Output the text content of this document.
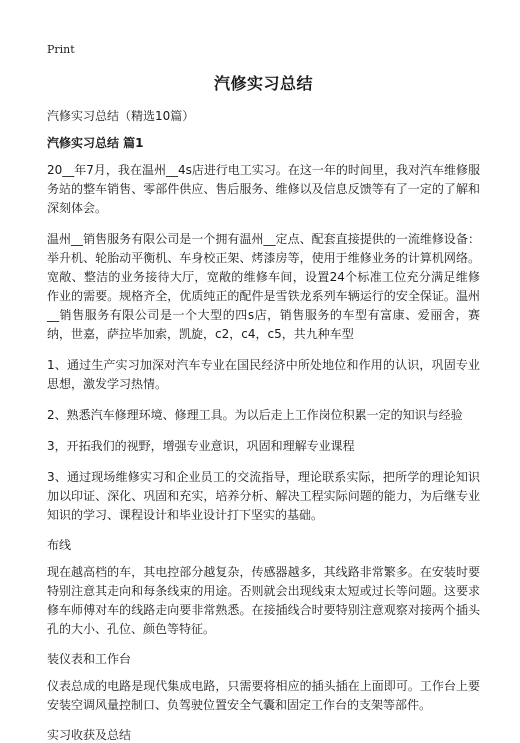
Print
汽修实习总结
汽修实习总结（精选10篇）
汽修实习总结 篇1

20__年7月，我在温州__4s店进行电工实习。在这一年的时间里，我对汽车维修服务站的整车销售、零部件供应、售后服务、维修以及信息反馈等有了一定的了解和深刻体会。

温州__销售服务有限公司是一个拥有温州__定点、配套直接提供的一流维修设备：举升机、轮胎动平衡机、车身校正架、烤漆房等，使用于维修业务的计算机网络。宽敞、整洁的业务接待大厅，宽敞的维修车间，设置24个标准工位充分满足维修作业的需要。规格齐全，优质纯正的配件是雪铁龙系列车辆运行的安全保证。温州__销售服务有限公司是一个大型的四s店，销售服务的车型有富康、爱丽舍，赛纳，世嘉，萨拉毕加索，凯旋，c2，c4，c5，共九种车型

1、通过生产实习加深对汽车专业在国民经济中所处地位和作用的认识，巩固专业思想，激发学习热情。

2、熟悉汽车修理环境、修理工具。为以后走上工作岗位积累一定的知识与经验

3，开拓我们的视野，增强专业意识，巩固和理解专业课程

3、通过现场维修实习和企业员工的交流指导，理论联系实际，把所学的理论知识加以印证、深化、巩固和充实，培养分析、解决工程实际问题的能力，为后继专业知识的学习、课程设计和毕业设计打下坚实的基础。

布线

现在越高档的车，其电控部分越复杂，传感器越多，其线路非常繁多。在安装时要特别注意其走向和每条线束的用途。否则就会出现线束太短或过长等问题。这要求修车师傅对车的线路走向要非常熟悉。在接插线合时要特别注意观察对接两个插头孔的大小、孔位、颜色等特征。

装仪表和工作台

仪表总成的电路是现代集成电路，只需要将相应的插头插在上面即可。工作台上要安装空调风量控制口、负驾驶位置安全气囊和固定工作台的支架等部件。

实习收获及总结
